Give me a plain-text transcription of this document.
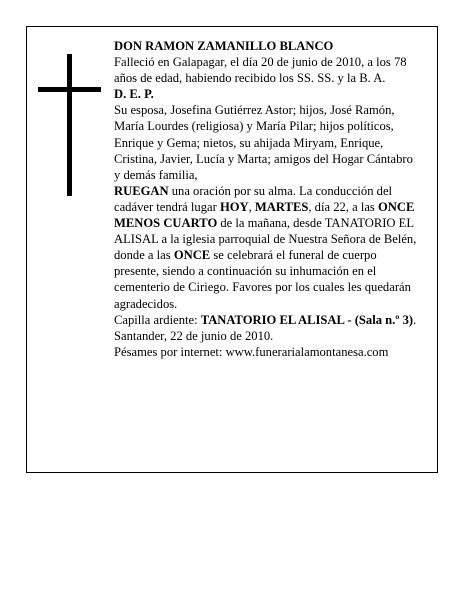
DON RAMON ZAMANILLO BLANCO

Falleció en Galapagar, el día 20 de junio de 2010, a los 78 años de edad, habiendo recibido los SS. SS. y la B. A.

D. E. P.

Su esposa, Josefina Gutiérrez Astor; hijos, José Ramón, María Lourdes (religiosa) y María Pilar; hijos políticos, Enrique y Gema; nietos, su ahijada Miryam, Enrique, Cristina, Javier, Lucía y Marta; amigos del Hogar Cántabro y demás familia,

RUEGAN una oración por su alma. La conducción del cadáver tendrá lugar HOY, MARTES, día 22, a las ONCE MENOS CUARTO de la mañana, desde TANATORIO EL ALISAL a la iglesia parroquial de Nuestra Señora de Belén, donde a las ONCE se celebrará el funeral de cuerpo presente, siendo a continuación su inhumación en el cementerio de Ciriego. Favores por los cuales les quedarán agradecidos.

Capilla ardiente: TANATORIO EL ALISAL - (Sala n.º 3).

Santander, 22 de junio de 2010.

Pésames por internet: www.funerarialamontanesa.com
